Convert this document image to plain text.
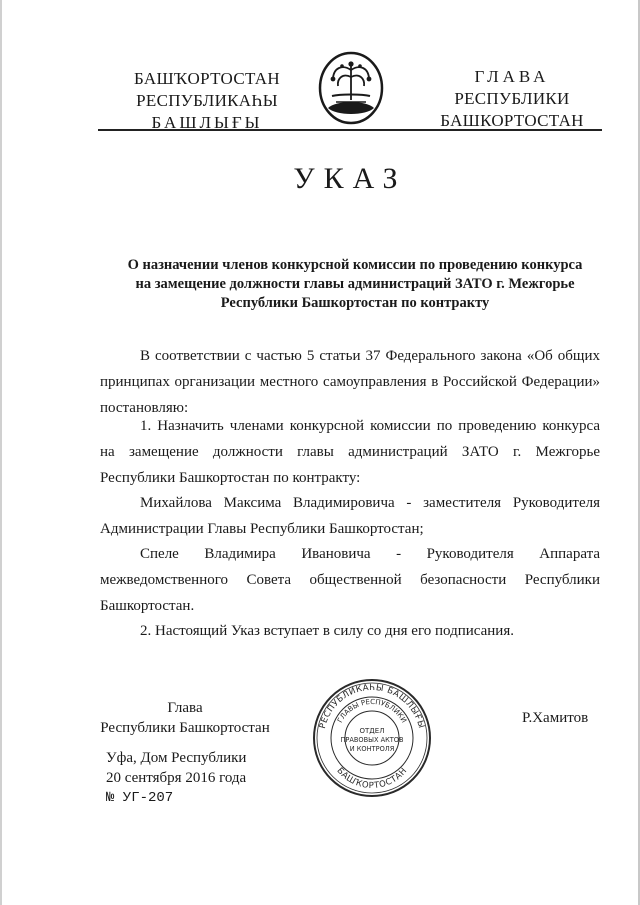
БАШҠОРТОСТАН
РЕСПУБЛИКАҺЫ
БАШЛЫҒЫ
ГЛАВА
РЕСПУБЛИКИ
БАШКОРТОСТАН
УКАЗ
О назначении членов конкурсной комиссии по проведению конкурса
на замещение должности главы администраций ЗАТО г. Межгорье
Республики Башкортостан по контракту
В соответствии с частью 5 статьи 37 Федерального закона «Об общих принципах организации местного самоуправления в Российской Федерации» постановляю:
1. Назначить членами конкурсной комиссии по проведению конкурса на замещение должности главы администраций ЗАТО г. Межгорье Республики Башкортостан по контракту:
Михайлова Максима Владимировича - заместителя Руководителя Администрации Главы Республики Башкортостан;
Спеле Владимира Ивановича - Руководителя Аппарата межведомственного Совета общественной безопасности Республики Башкортостан.
2. Настоящий Указ вступает в силу со дня его подписания.
Глава
Республики Башкортостан	РЕСПУБЛИКАҺЫ БАШЛЫҒЫ
БАШҠОРТОСТАН
ГЛАВЫ РЕСПУБЛИКИ
ОТДЕЛ
ПРАВОВЫХ АКТОВ
И КОНТРОЛЯ
Р.Хамитов
Уфа, Дом Республики
20 сентября 2016 года
№ УГ-207
